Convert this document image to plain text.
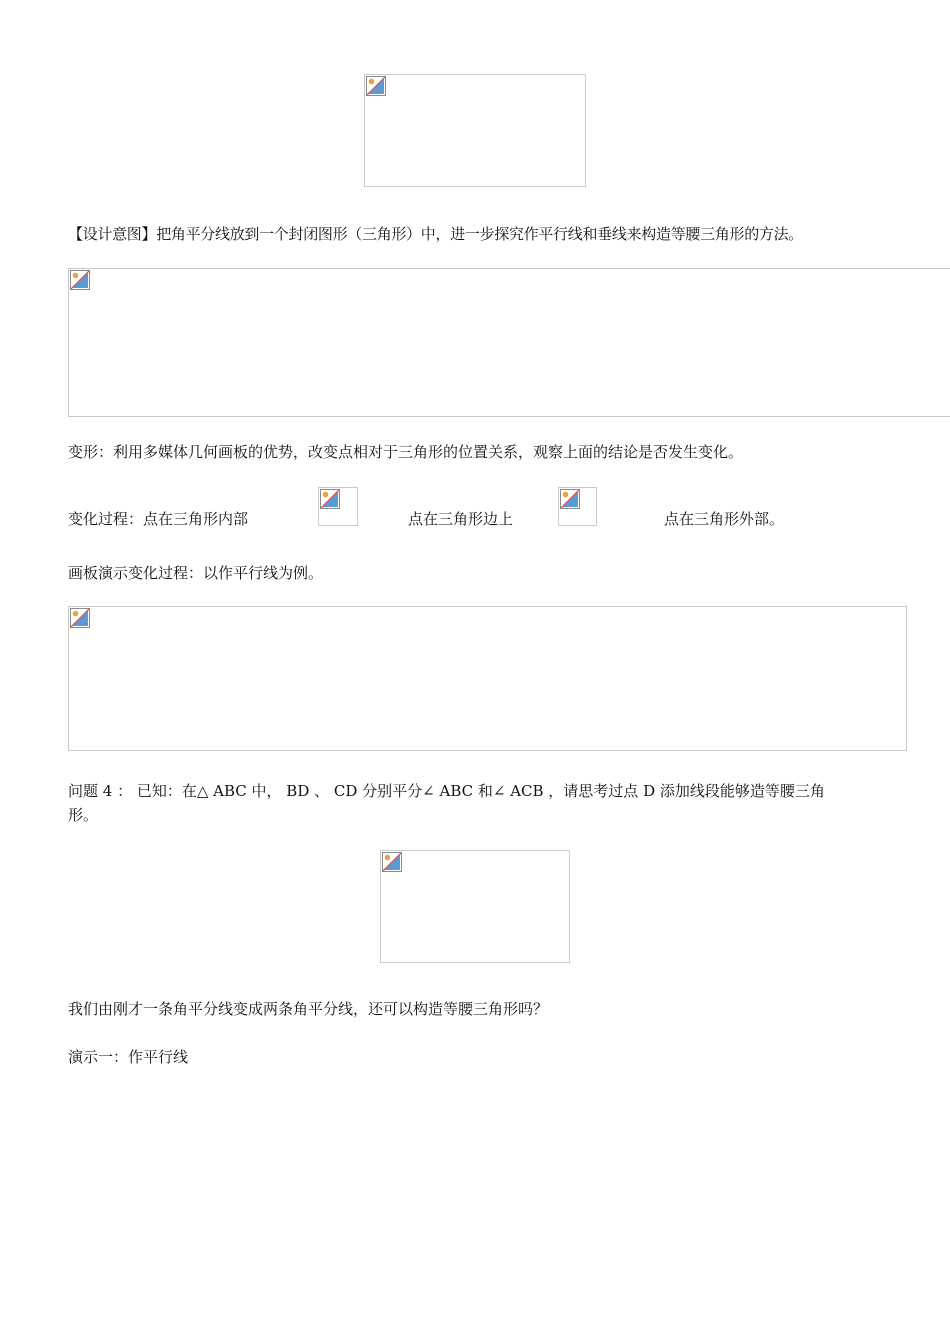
【设计意图】把角平分线放到一个封闭图形（三角形）中，进一步探究作平行线和垂线来构造等腰三角形的方法。
变形：利用多媒体几何画板的优势，改变点相对于三角形的位置关系，观察上面的结论是否发生变化。
变化过程：点在三角形内部	点在三角形边上	点在三角形外部。
画板演示变化过程：以作平行线为例。
问题 4 ： 已知：在△ ABC 中， BD 、 CD 分别平分∠ ABC 和∠ ACB ，请思考过点 D 添加线段能够造等腰三角
形。
我们由刚才一条角平分线变成两条角平分线，还可以构造等腰三角形吗？
演示一：作平行线
